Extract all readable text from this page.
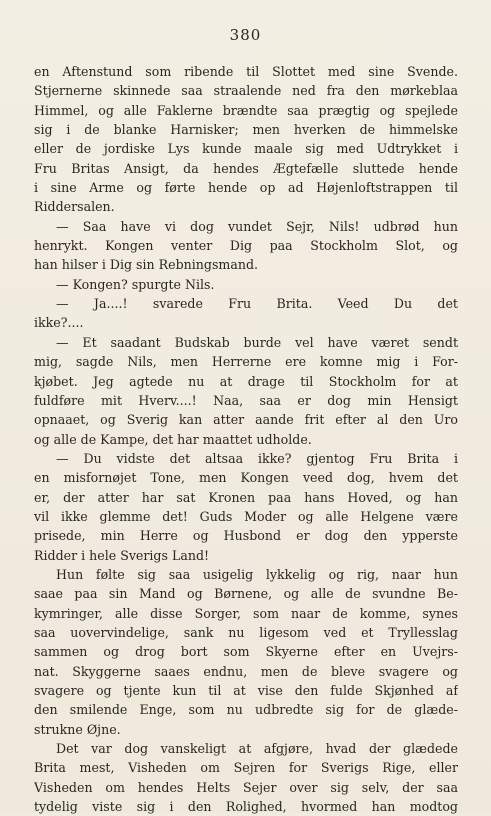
380
en Aftenstund som ribende til Slottet med sine Svende.
Stjernerne skinnede saa straalende ned fra den mørkeblaa
Himmel, og alle Faklerne brændte saa prægtig og spejlede
sig i de blanke Harnisker; men hverken de himmelske
eller de jordiske Lys kunde maale sig med Udtrykket i
Fru Britas Ansigt, da hendes Ægtefælle sluttede hende
i sine Arme og førte hende op ad Højenloftstrappen til
Riddersalen.
— Saa have vi dog vundet Sejr, Nils! udbrød hun
henrykt. Kongen venter Dig paa Stockholm Slot, og
han hilser i Dig sin Rebningsmand.
— Kongen? spurgte Nils.
— Ja....! svarede Fru Brita. Veed Du det
ikke?....
— Et saadant Budskab burde vel have været sendt
mig, sagde Nils, men Herrerne ere komne mig i For-
kjøbet. Jeg agtede nu at drage til Stockholm for at
fuldføre mit Hverv....! Naa, saa er dog min Hensigt
opnaaet, og Sverig kan atter aande frit efter al den Uro
og alle de Kampe, det har maattet udholde.
— Du vidste det altsaa ikke? gjentog Fru Brita i
en misfornøjet Tone, men Kongen veed dog, hvem det
er, der atter har sat Kronen paa hans Hoved, og han
vil ikke glemme det! Guds Moder og alle Helgene være
prisede, min Herre og Husbond er dog den ypperste
Ridder i hele Sverigs Land!
Hun følte sig saa usigelig lykkelig og rig, naar hun
saae paa sin Mand og Børnene, og alle de svundne Be-
kymringer, alle disse Sorger, som naar de komme, synes
saa uovervindelige, sank nu ligesom ved et Tryllesslag
sammen og drog bort som Skyerne efter en Uvejrs-
nat. Skyggerne saaes endnu, men de bleve svagere og
svagere og tjente kun til at vise den fulde Skjønhed af
den smilende Enge, som nu udbredte sig for de glæde-
strukne Øjne.
Det var dog vanskeligt at afgjøre, hvad der glædede
Brita mest, Visheden om Sejren for Sverigs Rige, eller
Visheden om hendes Helts Sejer over sig selv, der saa
tydelig viste sig i den Rolighed, hvormed han modtog
